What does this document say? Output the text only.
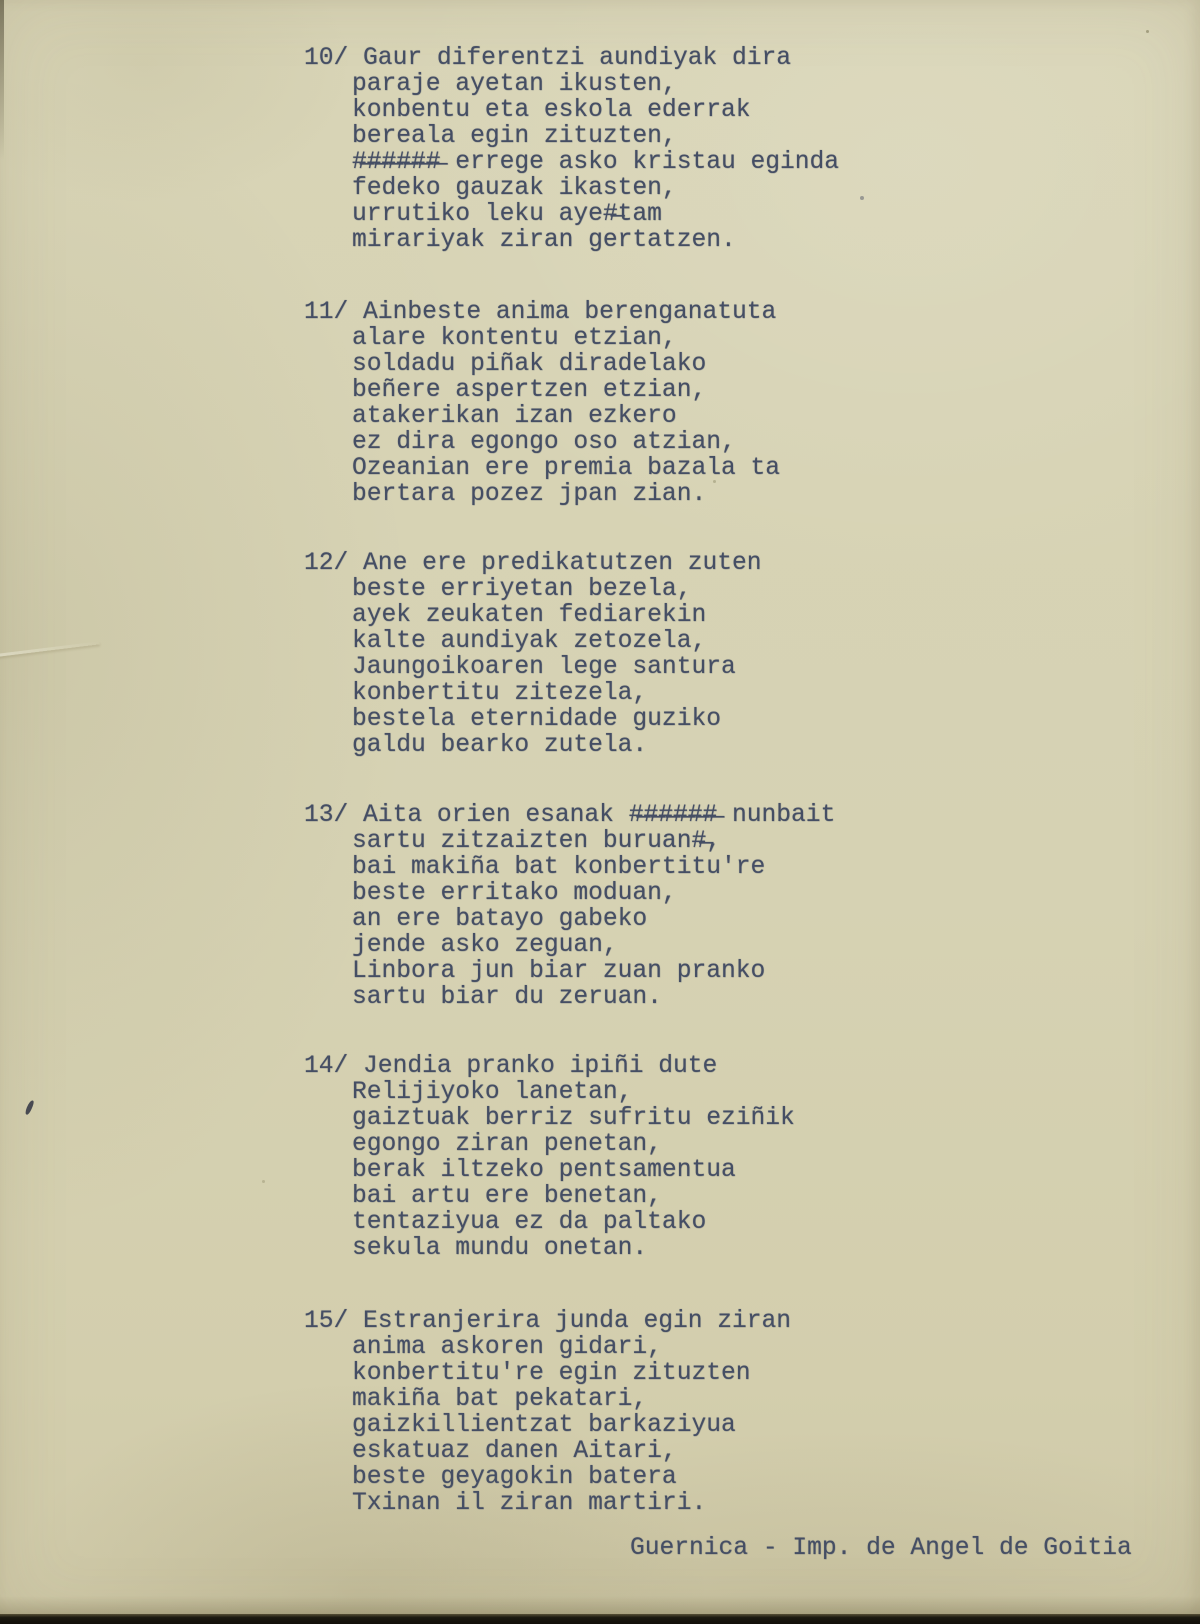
10/ Gaur diferentzi aundiyak dira
paraje ayetan ikusten,
konbentu eta eskola ederrak
bereala egin zituzten,
#̶#̶#̶#̶#̶#̶ errege asko kristau eginda
fedeko gauzak ikasten,
urrutiko leku aye#̶tam
mirariyak ziran gertatzen.
11/ Ainbeste anima berenganatuta
alare kontentu etzian,
soldadu piñak diradelako
beñere aspertzen etzian,
atakerikan izan ezkero
ez dira egongo oso atzian,
Ozeanian ere premia bazala ta
bertara pozez jpan zian.
12/ Ane ere predikatutzen zuten
beste erriyetan bezela,
ayek zeukaten fediarekin
kalte aundiyak zetozela,
Jaungoikoaren lege santura
konbertitu zitezela,
bestela eternidade guziko
galdu bearko zutela.
13/ Aita orien esanak #̶#̶#̶#̶#̶#̶ nunbait
sartu zitzaizten buruan#̶,
bai makiña bat konbertitu're
beste erritako moduan,
an ere batayo gabeko
jende asko zeguan,
Linbora jun biar zuan pranko
sartu biar du zeruan.
14/ Jendia pranko ipiñi dute
Relijiyoko lanetan,
gaiztuak berriz sufritu eziñik
egongo ziran penetan,
berak iltzeko pentsamentua
bai artu ere benetan,
tentaziyua ez da paltako
sekula mundu onetan.
15/ Estranjerira junda egin ziran
anima askoren gidari,
konbertitu're egin zituzten
makiña bat pekatari,
gaizkillientzat barkaziyua
eskatuaz danen Aitari,
beste geyagokin batera
Txinan il ziran martiri.
Guernica - Imp. de Angel de Goitia
